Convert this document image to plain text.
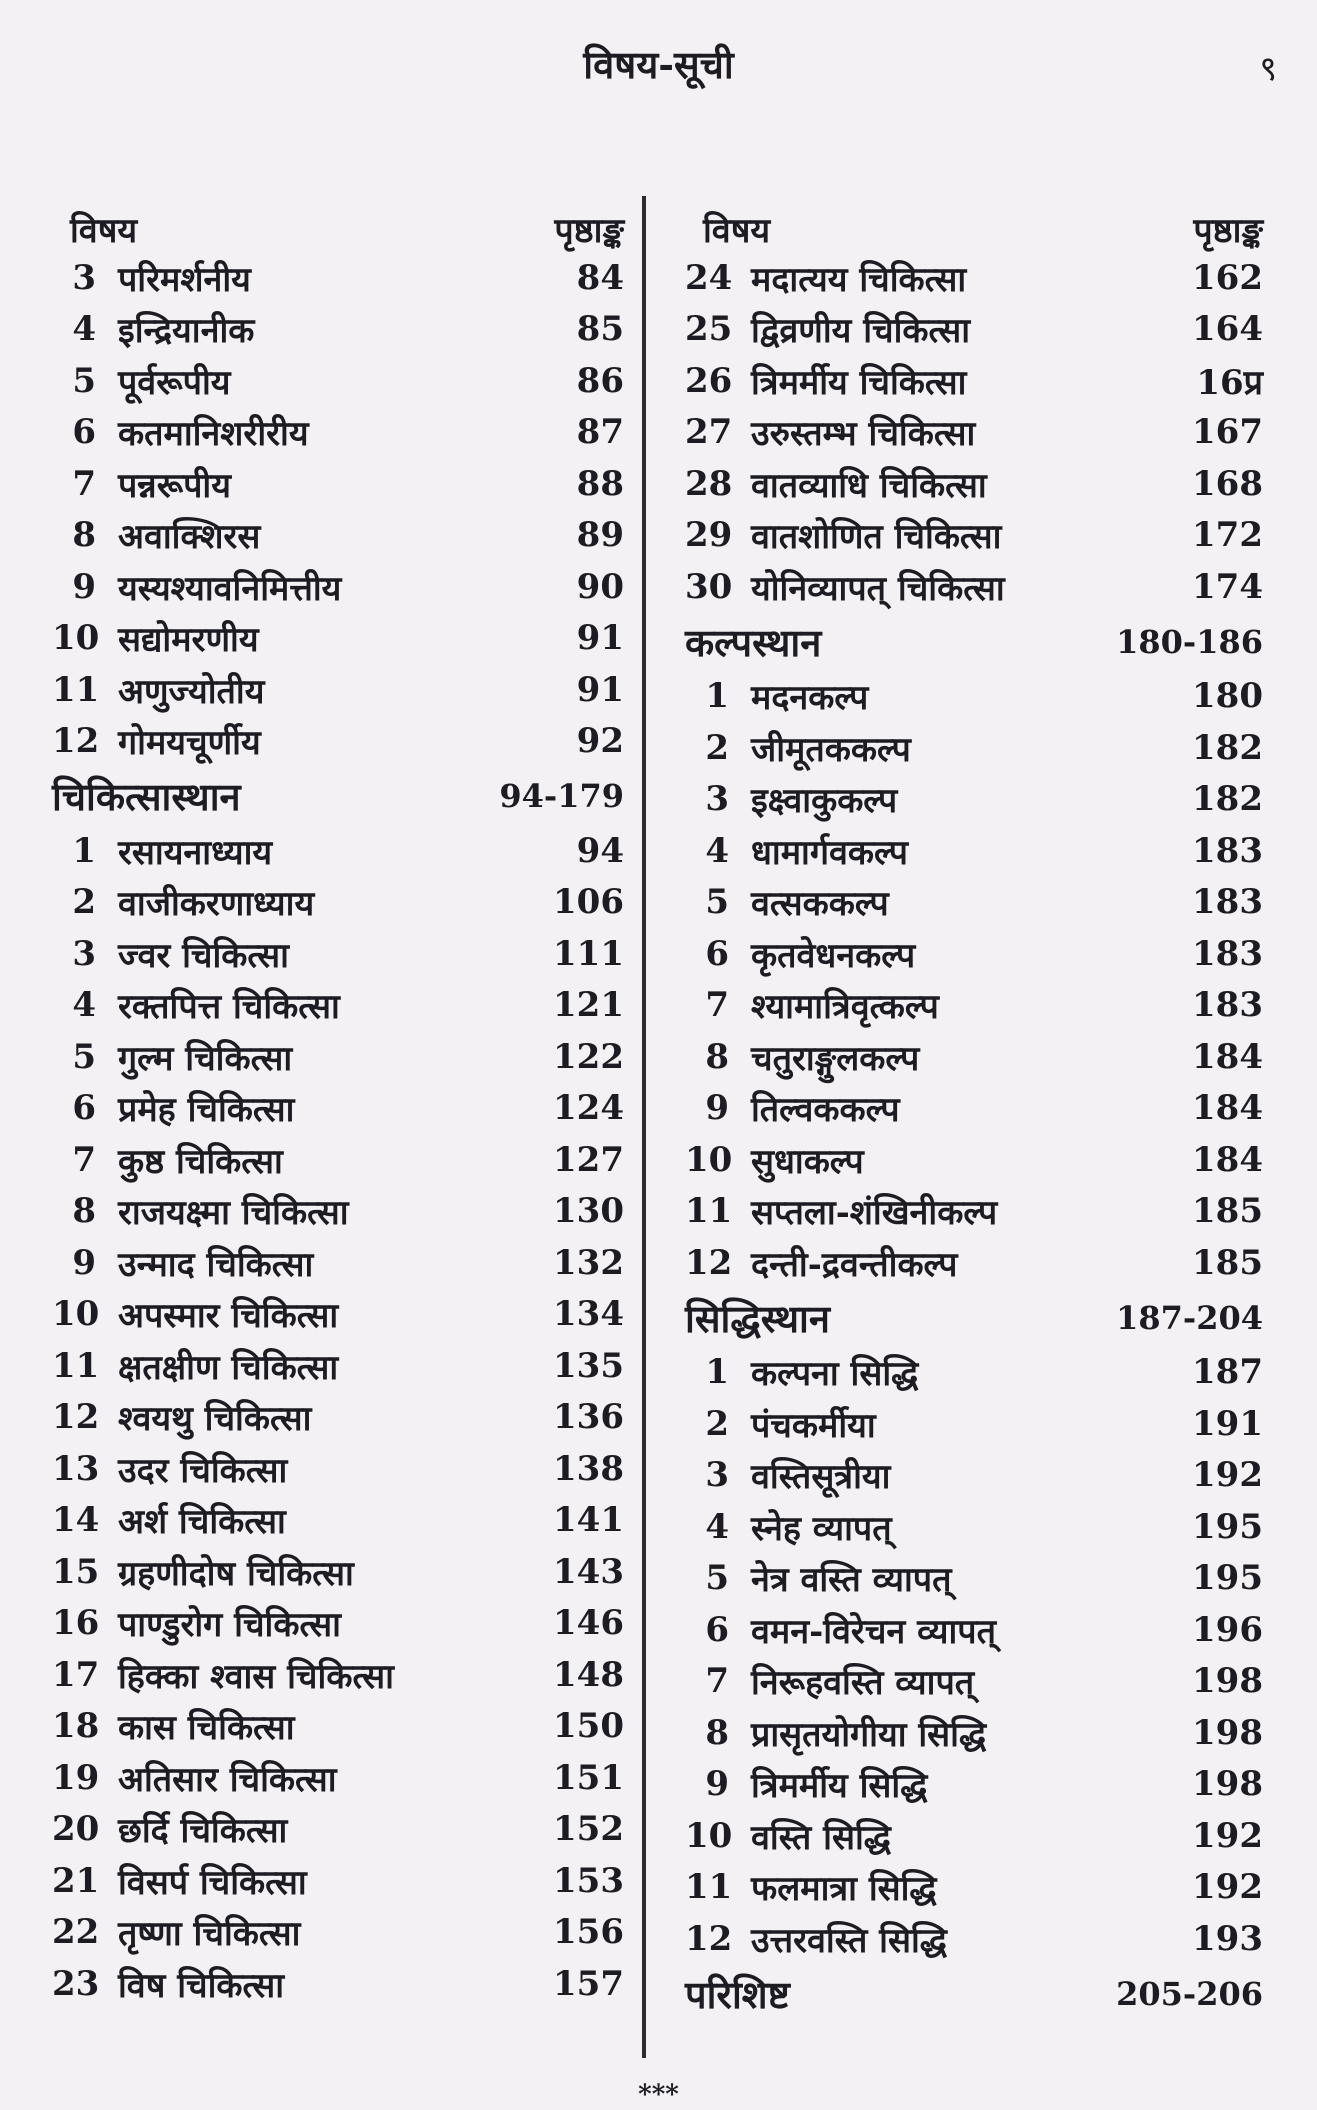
विषय-सूची	९
विषय	पृष्ठाङ्क
3 परिमर्शनीय	84
4 इन्द्रियानीक	85
5 पूर्वरूपीय	86
6 कतमानिशरीरीय	87
7 पन्नरूपीय	88
8 अवाक्शिरस	89
9 यस्यश्यावनिमित्तीय	90
10 सद्योमरणीय	91
11 अणुज्योतीय	91
12 गोमयचूर्णीय	92
चिकित्सास्थान	94-179
1 रसायनाध्याय	94
2 वाजीकरणाध्याय	106
3 ज्वर चिकित्सा	111
4 रक्तपित्त चिकित्सा	121
5 गुल्म चिकित्सा	122
6 प्रमेह चिकित्सा	124
7 कुष्ठ चिकित्सा	127
8 राजयक्ष्मा चिकित्सा	130
9 उन्माद चिकित्सा	132
10 अपस्मार चिकित्सा	134
11 क्षतक्षीण चिकित्सा	135
12 श्वयथु चिकित्सा	136
13 उदर चिकित्सा	138
14 अर्श चिकित्सा	141
15 ग्रहणीदोष चिकित्सा	143
16 पाण्डुरोग चिकित्सा	146
17 हिक्का श्वास चिकित्सा	148
18 कास चिकित्सा	150
19 अतिसार चिकित्सा	151
20 छर्दि चिकित्सा	152
21 विसर्प चिकित्सा	153
22 तृष्णा चिकित्सा	156
23 विष चिकित्सा	157
विषय	पृष्ठाङ्क
24 मदात्यय चिकित्सा	162
25 द्विव्रणीय चिकित्सा	164
26 त्रिमर्मीय चिकित्सा	16प्र
27 उरुस्तम्भ चिकित्सा	167
28 वातव्याधि चिकित्सा	168
29 वातशोणित चिकित्सा	172
30 योनिव्यापत् चिकित्सा	174
कल्पस्थान	180-186
1 मदनकल्प	180
2 जीमूतककल्प	182
3 इक्ष्वाकुकल्प	182
4 धामार्गवकल्प	183
5 वत्सककल्प	183
6 कृतवेधनकल्प	183
7 श्यामात्रिवृत्कल्प	183
8 चतुराङ्गुलकल्प	184
9 तिल्वककल्प	184
10 सुधाकल्प	184
11 सप्तला-शंखिनीकल्प	185
12 दन्ती-द्रवन्तीकल्प	185
सिद्धिस्थान	187-204
1 कल्पना सिद्धि	187
2 पंचकर्मीया	191
3 वस्तिसूत्रीया	192
4 स्नेह व्यापत्	195
5 नेत्र वस्ति व्यापत्	195
6 वमन-विरेचन व्यापत्	196
7 निरूहवस्ति व्यापत्	198
8 प्रासृतयोगीया सिद्धि	198
9 त्रिमर्मीय सिद्धि	198
10 वस्ति सिद्धि	192
11 फलमात्रा सिद्धि	192
12 उत्तरवस्ति सिद्धि	193
परिशिष्ट	205-206
***
